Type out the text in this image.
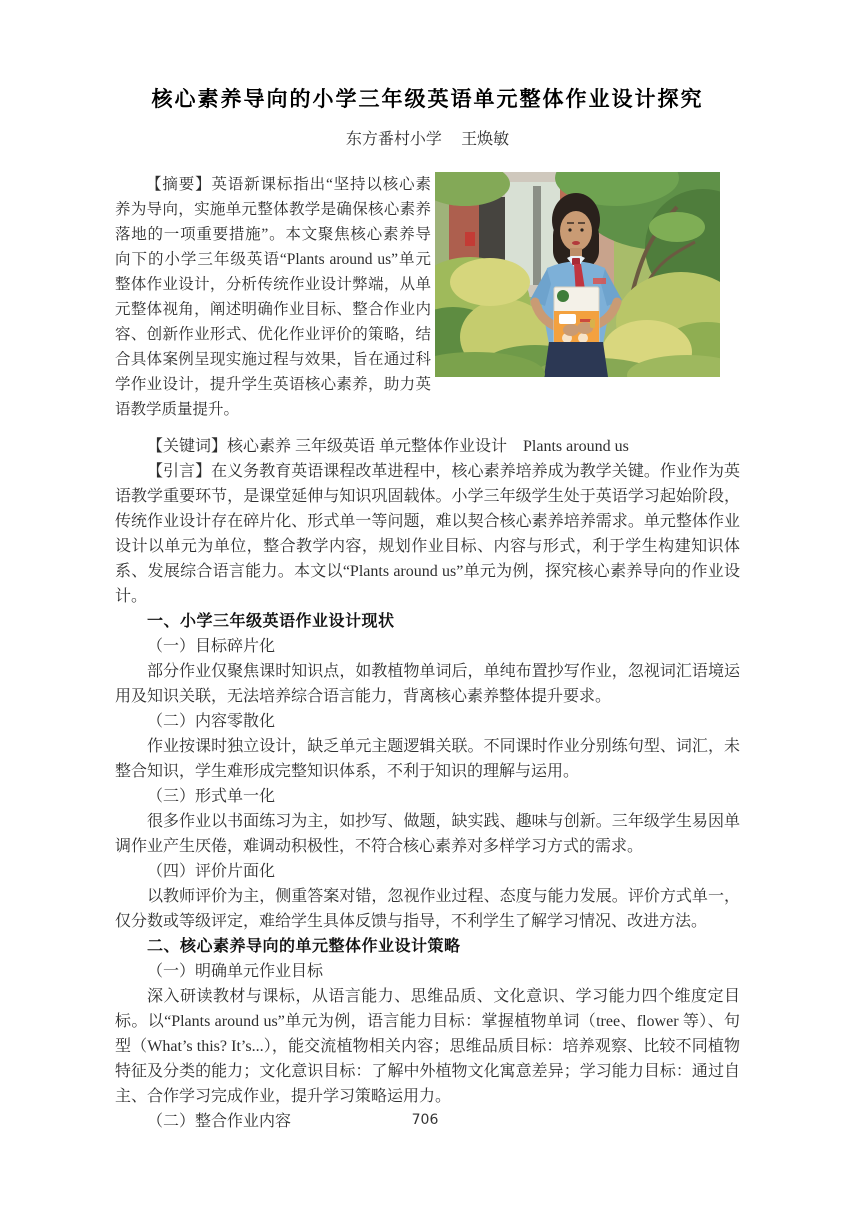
核心素养导向的小学三年级英语单元整体作业设计探究
东方番村小学 王焕敏

【摘要】英语新课标指出“坚持以核心素养为导向，实施单元整体教学是确保核心素养落地的一项重要措施”。本文聚焦核心素养导向下的小学三年级英语“Plants around us”单元整体作业设计，分析传统作业设计弊端，从单元整体视角，阐述明确作业目标、整合作业内容、创新作业形式、优化作业评价的策略，结合具体案例呈现实施过程与效果，旨在通过科学作业设计，提升学生英语核心素养，助力英语教学质量提升。

【关键词】核心素养 三年级英语 单元整体作业设计　Plants around us

【引言】在义务教育英语课程改革进程中，核心素养培养成为教学关键。作业作为英语教学重要环节，是课堂延伸与知识巩固载体。小学三年级学生处于英语学习起始阶段，传统作业设计存在碎片化、形式单一等问题，难以契合核心素养培养需求。单元整体作业设计以单元为单位，整合教学内容，规划作业目标、内容与形式，利于学生构建知识体系、发展综合语言能力。本文以“Plants around us”单元为例，探究核心素养导向的作业设计。

一、小学三年级英语作业设计现状
（一）目标碎片化

部分作业仅聚焦课时知识点，如教植物单词后，单纯布置抄写作业，忽视词汇语境运用及知识关联，无法培养综合语言能力，背离核心素养整体提升要求。

（二）内容零散化

作业按课时独立设计，缺乏单元主题逻辑关联。不同课时作业分别练句型、词汇，未整合知识，学生难形成完整知识体系，不利于知识的理解与运用。

（三）形式单一化

很多作业以书面练习为主，如抄写、做题，缺实践、趣味与创新。三年级学生易因单调作业产生厌倦，难调动积极性，不符合核心素养对多样学习方式的需求。

（四）评价片面化

以教师评价为主，侧重答案对错，忽视作业过程、态度与能力发展。评价方式单一，仅分数或等级评定，难给学生具体反馈与指导，不利学生了解学习情况、改进方法。

二、核心素养导向的单元整体作业设计策略
（一）明确单元作业目标

深入研读教材与课标，从语言能力、思维品质、文化意识、学习能力四个维度定目标。以“Plants around us”单元为例，语言能力目标：掌握植物单词（tree、flower 等）、句型（What’s this? It’s...），能交流植物相关内容；思维品质目标：培养观察、比较不同植物特征及分类的能力；文化意识目标：了解中外植物文化寓意差异；学习能力目标：通过自主、合作学习完成作业，提升学习策略运用力。

（二）整合作业内容	706
